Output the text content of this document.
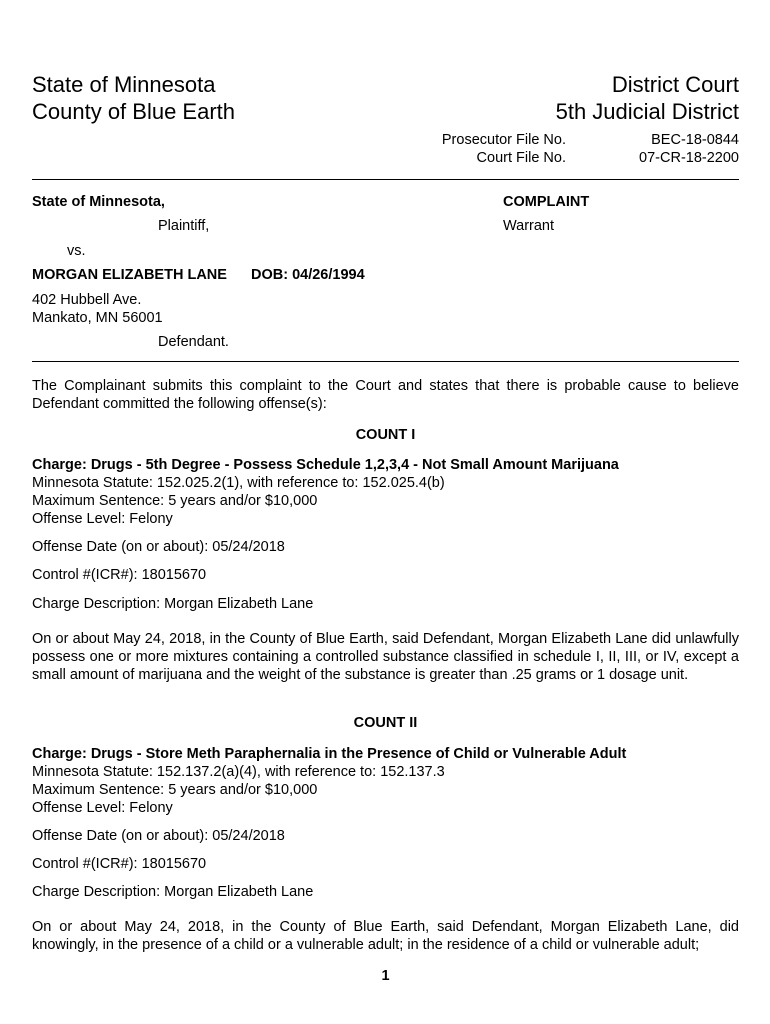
State of Minnesota
County of Blue Earth
District Court
5th Judicial District
Prosecutor File No.	BEC-18-0844
Court File No.	07-CR-18-2200
State of Minnesota,
Plaintiff,
COMPLAINT
Warrant
vs.
MORGAN ELIZABETH LANE DOB: 04/26/1994
402 Hubbell Ave.
Mankato, MN 56001
Defendant.
The Complainant submits this complaint to the Court and states that there is probable cause to believe Defendant committed the following offense(s):
COUNT I
Charge: Drugs - 5th Degree - Possess Schedule 1,2,3,4 - Not Small Amount Marijuana
Minnesota Statute: 152.025.2(1), with reference to: 152.025.4(b)
Maximum Sentence: 5 years and/or $10,000
Offense Level: Felony
Offense Date (on or about): 05/24/2018
Control #(ICR#): 18015670
Charge Description: Morgan Elizabeth Lane
On or about May 24, 2018, in the County of Blue Earth, said Defendant, Morgan Elizabeth Lane did unlawfully possess one or more mixtures containing a controlled substance classified in schedule I, II, III, or IV, except a small amount of marijuana and the weight of the substance is greater than .25 grams or 1 dosage unit.
COUNT II
Charge: Drugs - Store Meth Paraphernalia in the Presence of Child or Vulnerable Adult
Minnesota Statute: 152.137.2(a)(4), with reference to: 152.137.3
Maximum Sentence: 5 years and/or $10,000
Offense Level: Felony
Offense Date (on or about): 05/24/2018
Control #(ICR#): 18015670
Charge Description: Morgan Elizabeth Lane
On or about May 24, 2018, in the County of Blue Earth, said Defendant, Morgan Elizabeth Lane, did knowingly, in the presence of a child or a vulnerable adult; in the residence of a child or vulnerable adult;
1
